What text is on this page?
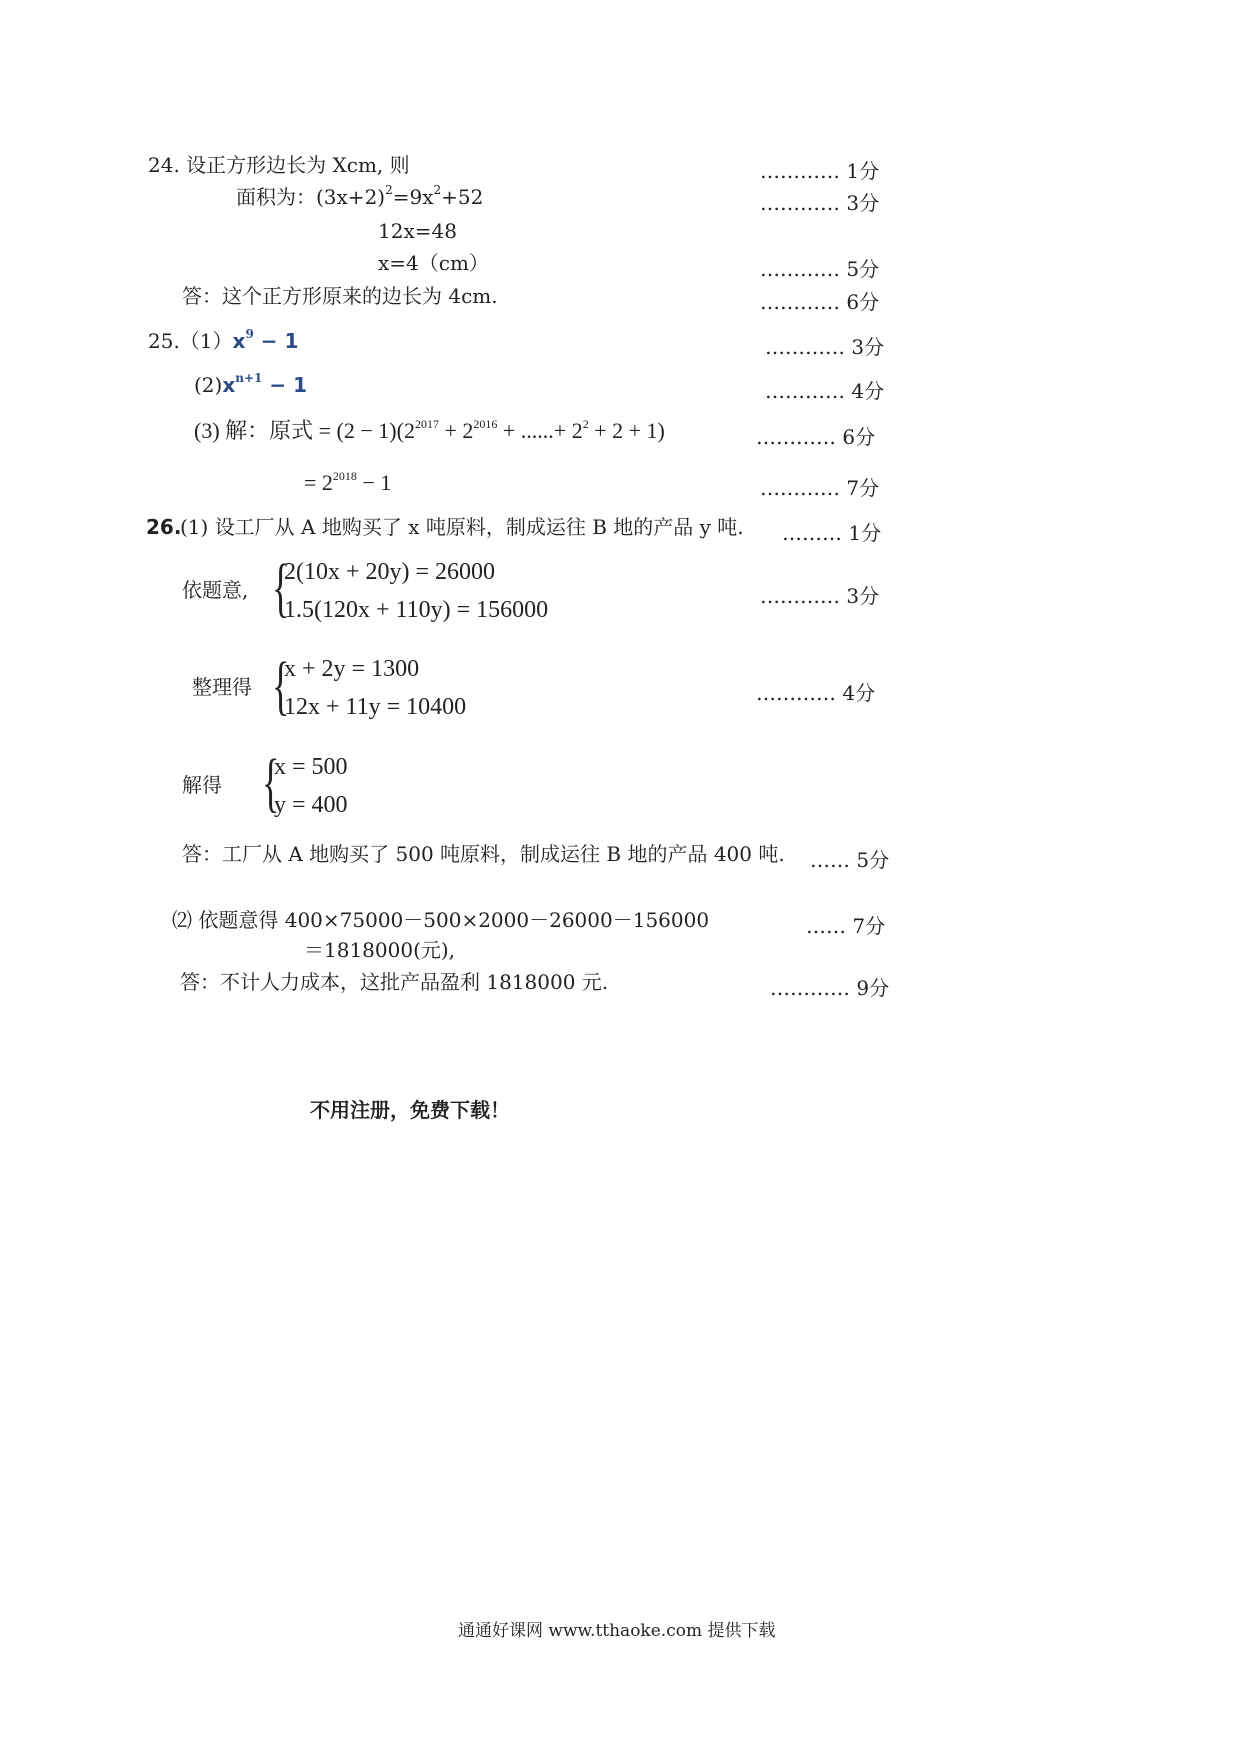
24. 设正方形边长为 Xcm, 则
面积为：$(3x+2)^2=9x^2+52$
12x=48
x=4（cm）
答：这个正方形原来的边长为 4cm.
………… 1分
………… 3分
………… 5分
………… 6分
$25.(1)x^9 - 1$
$(2)x^{n+1} - 1$
(3) 解：原式 = $(2 - 1)(2^{2017} + 2^{2016}$ + ......+ $2^2 + 2 + 1$)
= $2^{2018} - 1$
………… 3分
………… 4分
………… 6分
………… 7分
26.
(1) 设工厂从 A 地购买了 x 吨原料，制成运往 B 地的产品 y 吨. ……… 1分
依题意, {
2(10x + 20y) = 26000
1.5(120x + 110y) = 156000
………… 3分
整理得 {
x + 2y = 1300
12x + 11y = 10400
………… 4分
解得 {
x = 500
y = 400
答：工厂从 A 地购买了 500 吨原料，制成运往 B 地的产品 400 吨. …… 5分
⑵ 依题意得 400×75000－500×2000－26000－156000	…… 7分
＝1818000(元),
答：不计人力成本，这批产品盈利 1818000 元.	………… 9分
不用注册，免费下载！
通通好课网 www.tthaoke.com 提供下载
